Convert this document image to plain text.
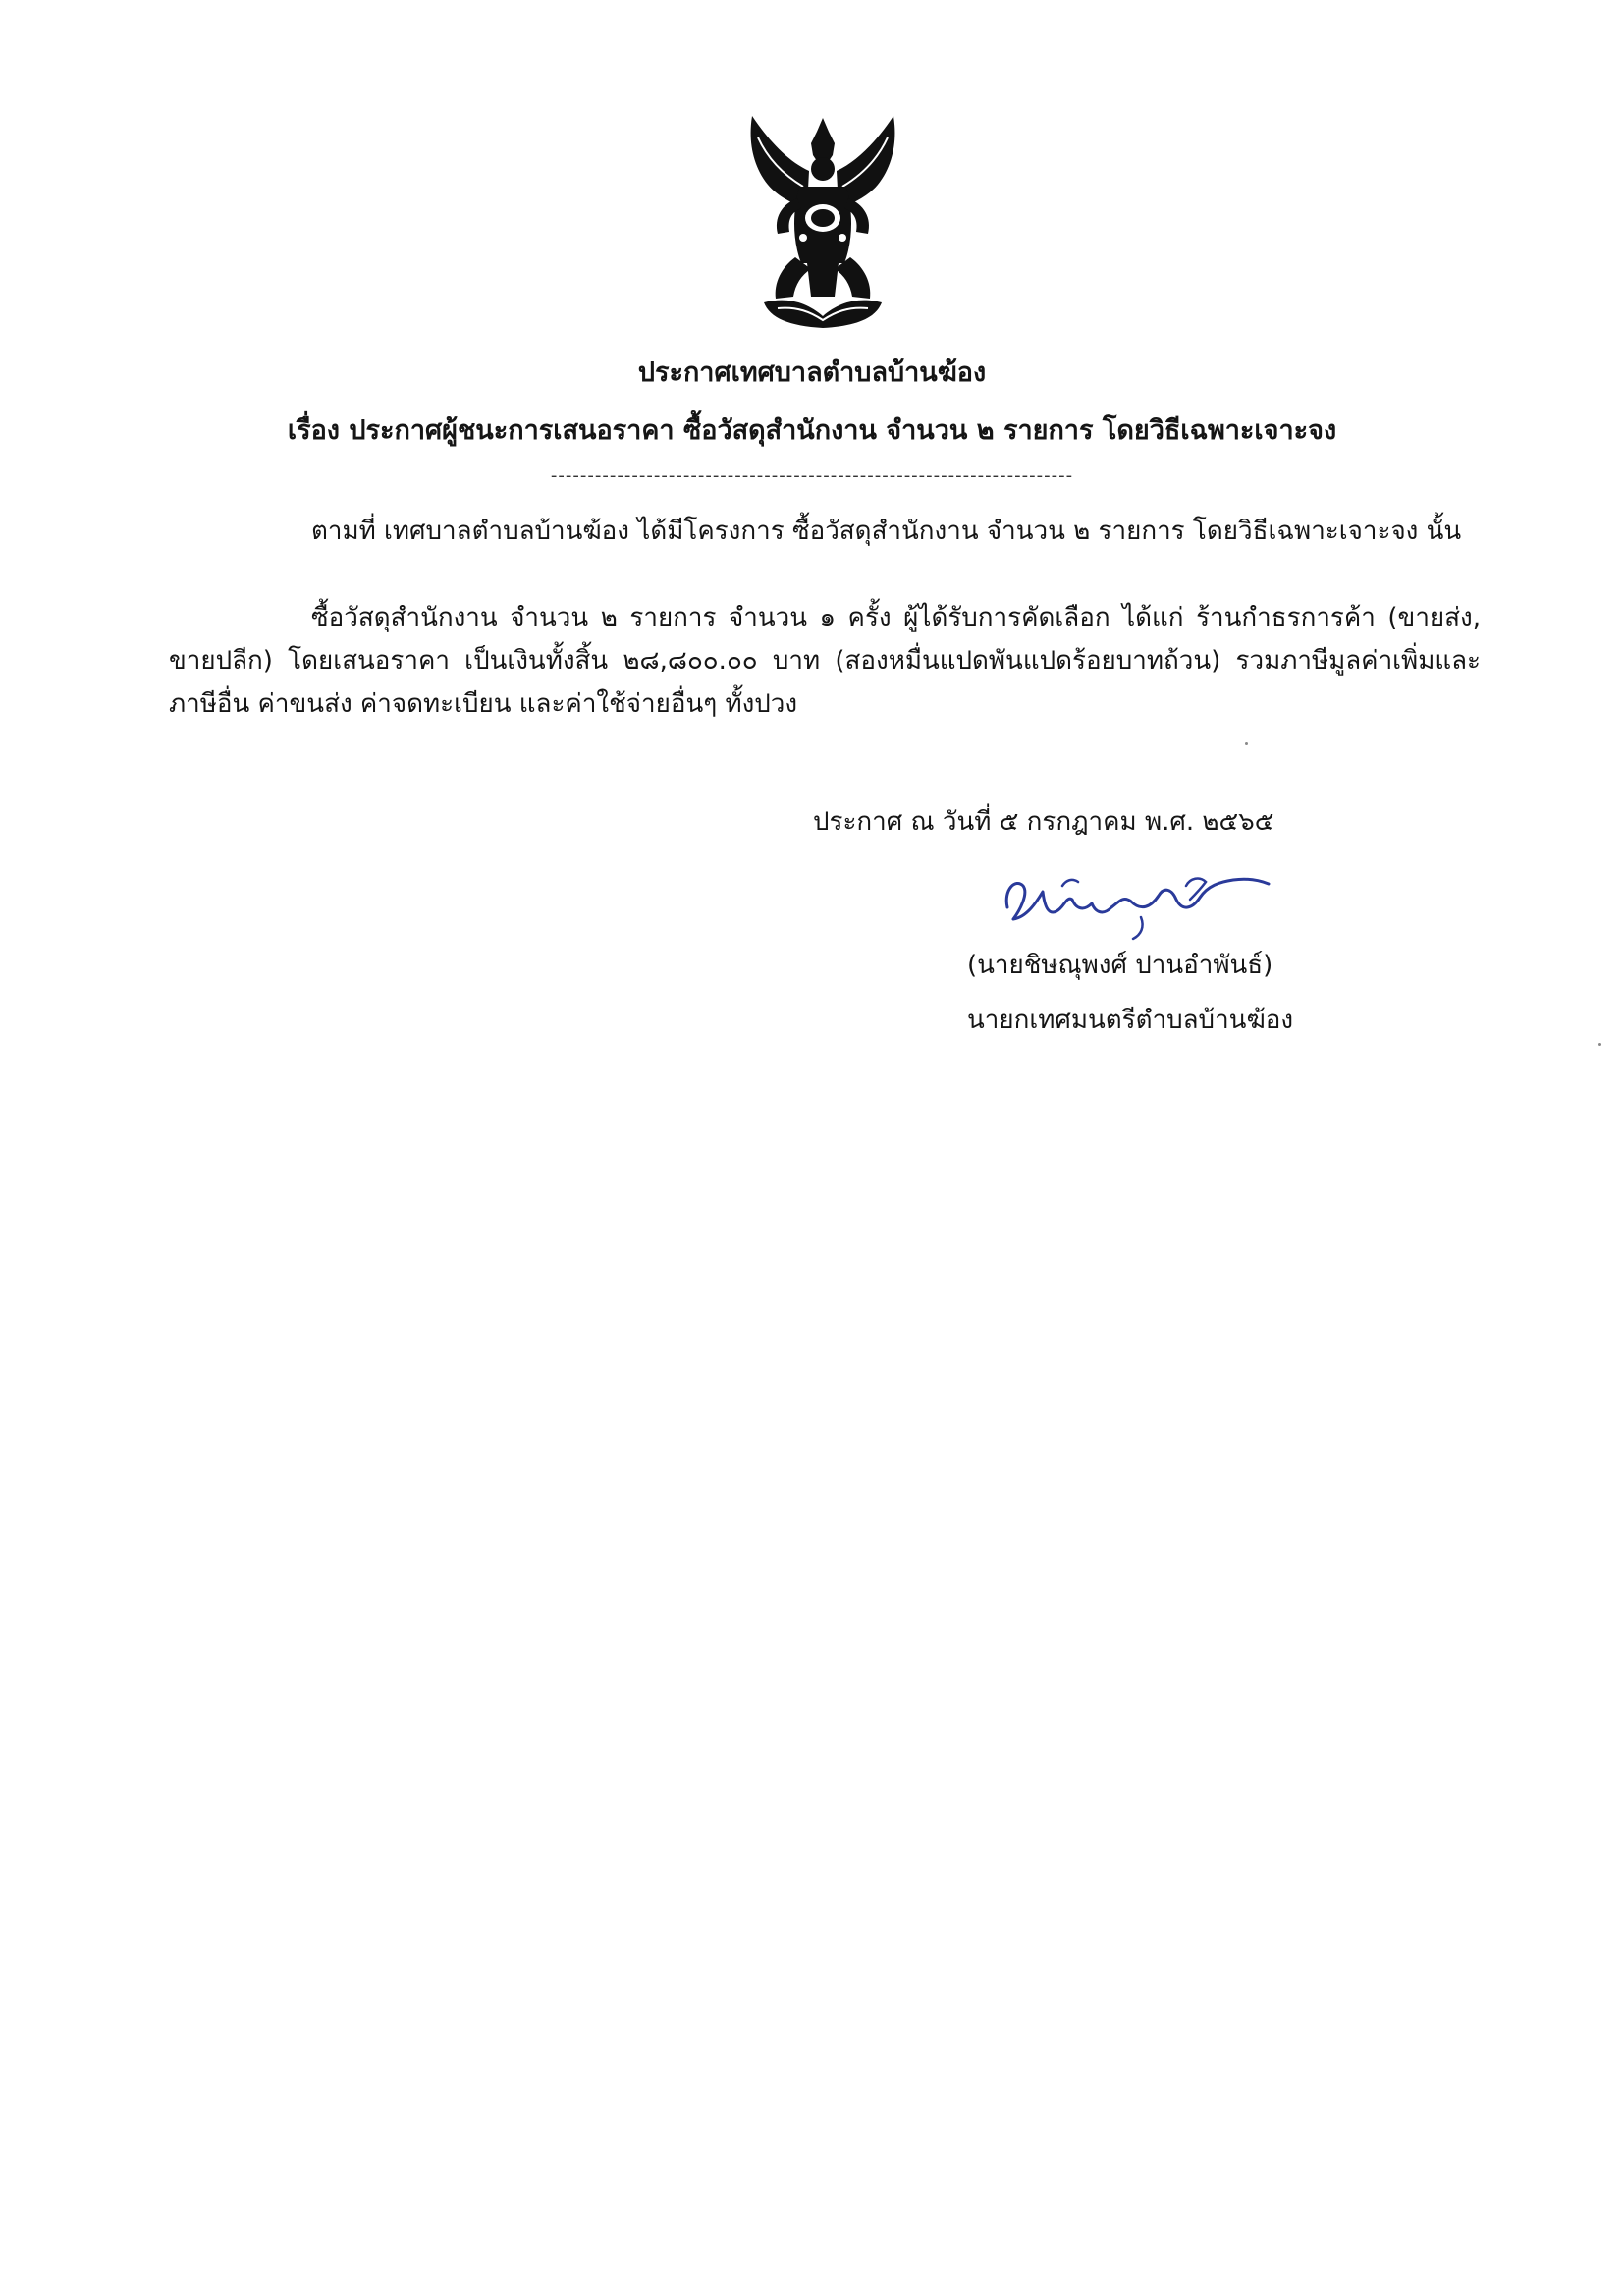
ประกาศเทศบาลตำบลบ้านฆ้อง
เรื่อง ประกาศผู้ชนะการเสนอราคา ซื้อวัสดุสำนักงาน จำนวน ๒ รายการ โดยวิธีเฉพาะเจาะจง
-----------------------------------------------------------------------
ตามที่ เทศบาลตำบลบ้านฆ้อง ได้มีโครงการ ซื้อวัสดุสำนักงาน จำนวน ๒ รายการ โดยวิธีเฉพาะเจาะจง นั้น
ซื้อวัสดุสำนักงาน จำนวน ๒ รายการ จำนวน ๑ ครั้ง ผู้ได้รับการคัดเลือก ได้แก่ ร้านกำธรการค้า (ขายส่ง, ขายปลีก) โดยเสนอราคา เป็นเงินทั้งสิ้น ๒๘,๘๐๐.๐๐ บาท (สองหมื่นแปดพันแปดร้อยบาทถ้วน) รวมภาษีมูลค่าเพิ่มและภาษีอื่น ค่าขนส่ง ค่าจดทะเบียน และค่าใช้จ่ายอื่นๆ ทั้งปวง
ประกาศ ณ วันที่ ๕ กรกฎาคม พ.ศ. ๒๕๖๕
(นายชิษณุพงศ์ ปานอำพันธ์)
นายกเทศมนตรีตำบลบ้านฆ้อง
